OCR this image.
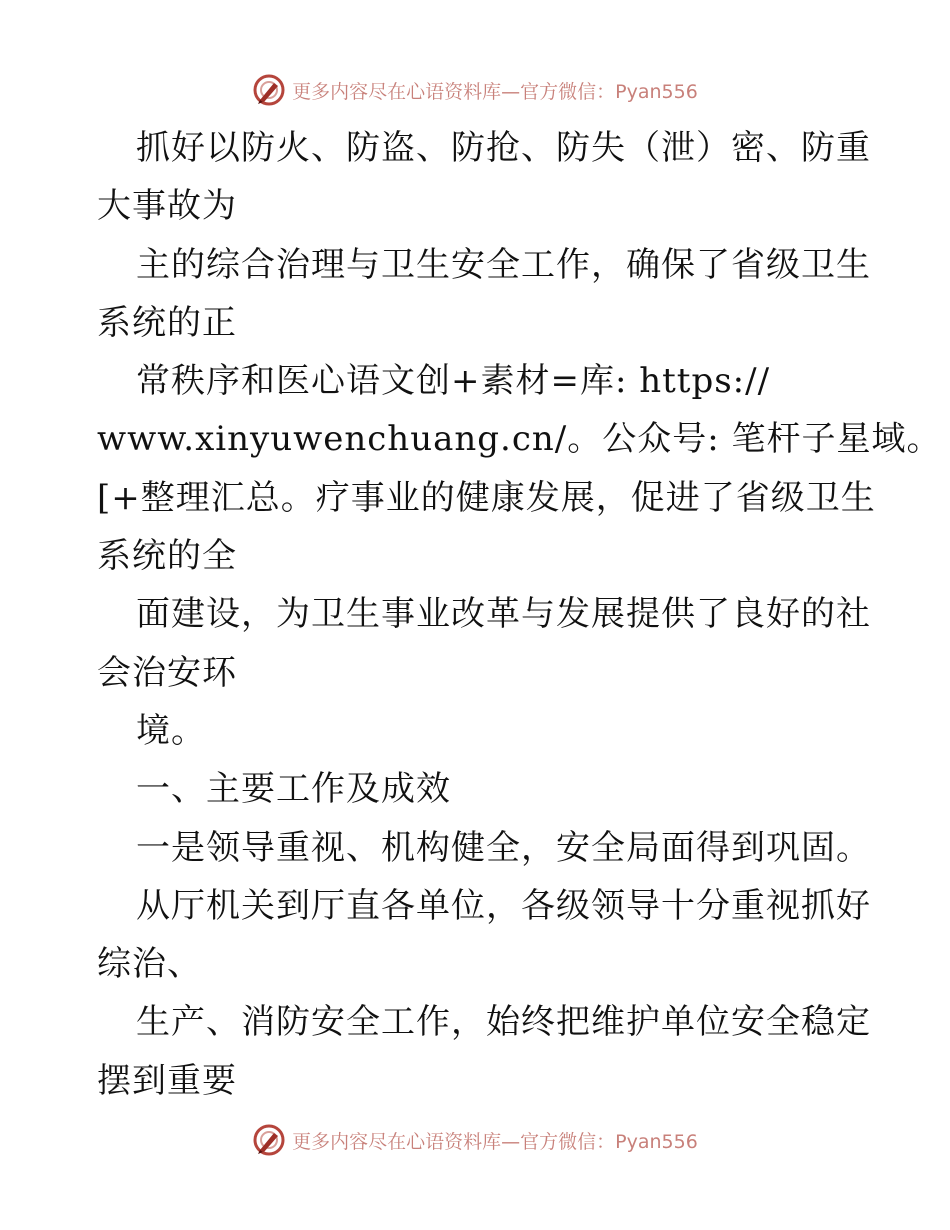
更多内容尽在心语资料库—官方微信：Pyan556
抓好以防火、防盗、防抢、防失（泄）密、防重
大事故为
主的综合治理与卫生安全工作，确保了省级卫生
系统的正
常秩序和医心语文创+素材=库: https://
www.xinyuwenchuang.cn/。公众号: 笔杆子星域。
[+整理汇总。疗事业的健康发展，促进了省级卫生
系统的全
面建设，为卫生事业改革与发展提供了良好的社
会治安环
境。
一、主要工作及成效
一是领导重视、机构健全，安全局面得到巩固。
从厅机关到厅直各单位，各级领导十分重视抓好
综治、
生产、消防安全工作，始终把维护单位安全稳定
摆到重要
更多内容尽在心语资料库—官方微信：Pyan556
